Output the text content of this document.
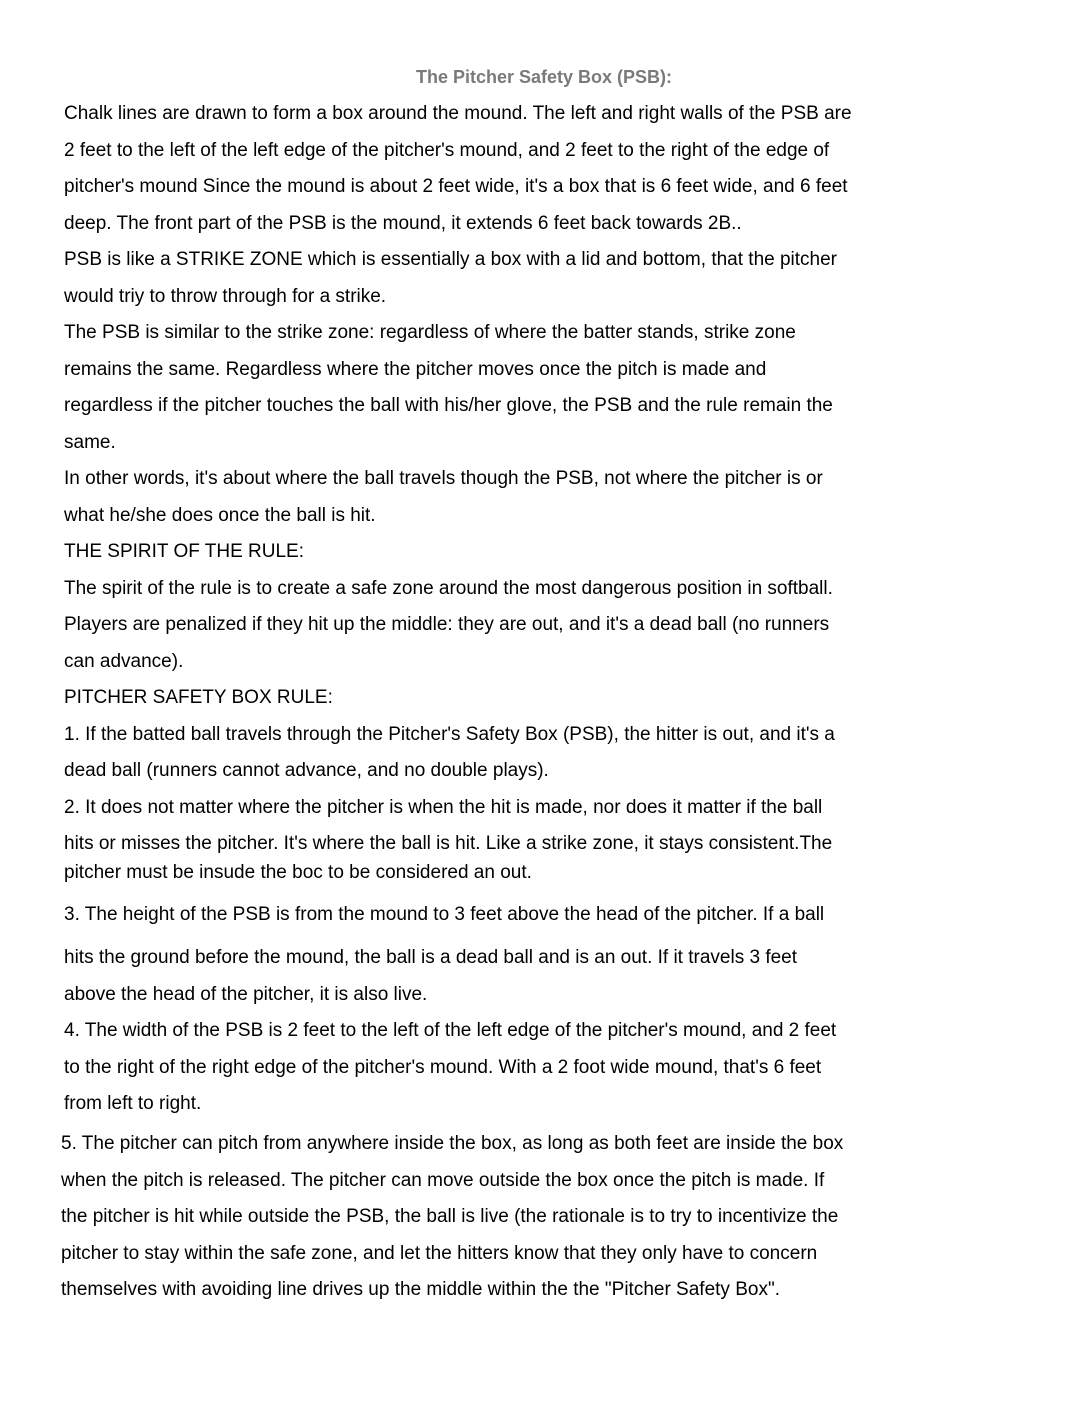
The Pitcher Safety Box (PSB):
Chalk lines are drawn to form a box around the mound. The left and right walls of the PSB are
2 feet to the left of the left edge of the pitcher's mound, and 2 feet to the right of the edge of
pitcher's mound Since the mound is about 2 feet wide, it's a box that is 6 feet wide, and 6 feet
deep. The front part of the PSB is the mound, it extends 6 feet back towards 2B..
PSB is like a STRIKE ZONE which is essentially a box with a lid and bottom, that the pitcher
would triy to throw through for a strike.
The PSB is similar to the strike zone: regardless of where the batter stands, strike zone
remains the same. Regardless where the pitcher moves once the pitch is made and
regardless if the pitcher touches the ball with his/her glove, the PSB and the rule remain the
same.
In other words, it's about where the ball travels though the PSB, not where the pitcher is or
what he/she does once the ball is hit.
THE SPIRIT OF THE RULE:
The spirit of the rule is to create a safe zone around the most dangerous position in softball.
Players are penalized if they hit up the middle: they are out, and it's a dead ball (no runners
can advance).
PITCHER SAFETY BOX RULE:
1. If the batted ball travels through the Pitcher's Safety Box (PSB), the hitter is out, and it's a
dead ball (runners cannot advance, and no double plays).
2. It does not matter where the pitcher is when the hit is made, nor does it matter if the ball
hits or misses the pitcher. It's where the ball is hit. Like a strike zone, it stays consistent.The
pitcher must be insude the boc to be considered an out.
3. The height of the PSB is from the mound to 3 feet above the head of the pitcher. If a ball
hits the ground before the mound, the ball is a dead ball and is an out. If it travels 3 feet
above the head of the pitcher, it is also live.
4. The width of the PSB is 2 feet to the left of the left edge of the pitcher's mound, and 2 feet
to the right of the right edge of the pitcher's mound. With a 2 foot wide mound, that's 6 feet
from left to right.
5. The pitcher can pitch from anywhere inside the box, as long as both feet are inside the box
when the pitch is released. The pitcher can move outside the box once the pitch is made. If
the pitcher is hit while outside the PSB, the ball is live (the rationale is to try to incentivize the
pitcher to stay within the safe zone, and let the hitters know that they only have to concern
themselves with avoiding line drives up the middle within the the "Pitcher Safety Box".
